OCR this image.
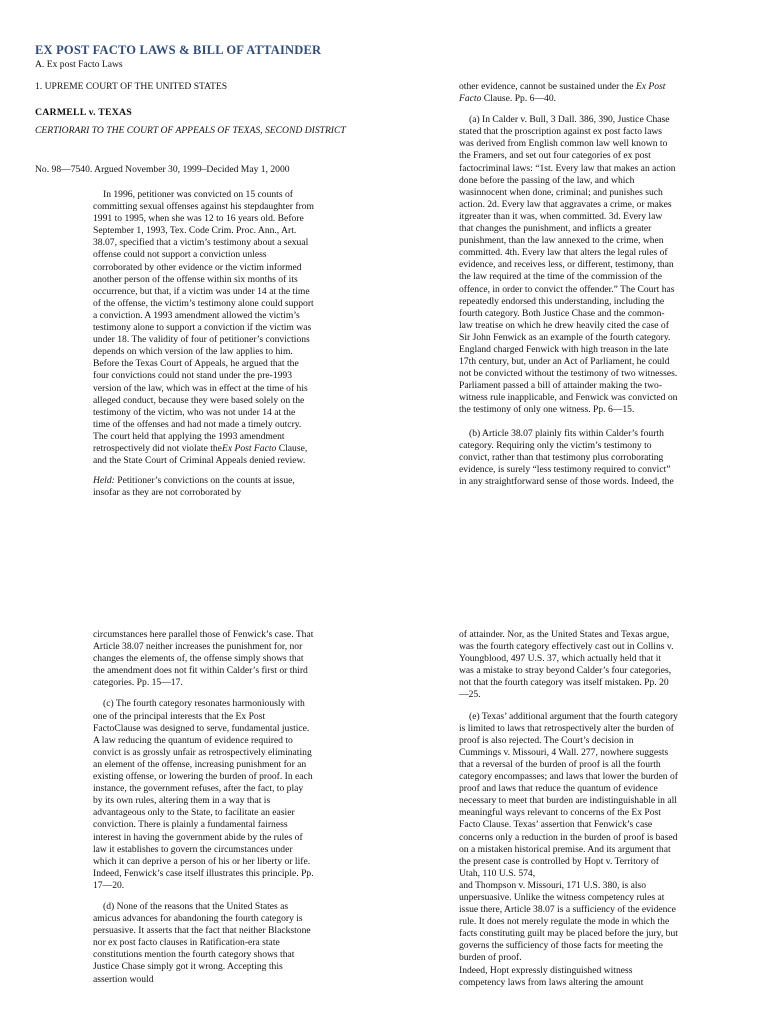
EX POST FACTO LAWS & BILL OF ATTAINDER
A. Ex post Facto Laws
1. UPREME COURT OF THE UNITED STATES
CARMELL v. TEXAS
CERTIORARI TO THE COURT OF APPEALS OF TEXAS, SECOND DISTRICT
No. 98—7540. Argued November 30, 1999–Decided May 1, 2000

In 1996, petitioner was convicted on 15 counts of committing sexual offenses against his stepdaughter from 1991 to 1995, when she was 12 to 16 years old. Before September 1, 1993, Tex. Code Crim. Proc. Ann., Art. 38.07, specified that a victim’s testimony about a sexual offense could not support a conviction unless corroborated by other evidence or the victim informed another person of the offense within six months of its occurrence, but that, if a victim was under 14 at the time of the offense, the victim’s testimony alone could support a conviction. A 1993 amendment allowed the victim’s testimony alone to support a conviction if the victim was under 18. The validity of four of petitioner’s convictions depends on which version of the law applies to him. Before the Texas Court of Appeals, he argued that the four convictions could not stand under the pre-1993 version of the law, which was in effect at the time of his alleged conduct, because they were based solely on the testimony of the victim, who was not under 14 at the time of the offenses and had not made a timely outcry. The court held that applying the 1993 amendment retrospectively did not violate theEx Post Facto Clause, and the State Court of Criminal Appeals denied review.

Held: Petitioner’s convictions on the counts at issue, insofar as they are not corroborated by

other evidence, cannot be sustained under the Ex Post Facto Clause. Pp. 6—40.

(a) In Calder v. Bull, 3 Dall. 386, 390, Justice Chase stated that the proscription against ex post facto laws was derived from English common law well known to the Framers, and set out four categories of ex post factocriminal laws: “1st. Every law that makes an action done before the passing of the law, and which wasinnocent when done, criminal; and punishes such action. 2d. Every law that aggravates a crime, or makes itgreater than it was, when committed. 3d. Every law that changes the punishment, and inflicts a greater punishment, than the law annexed to the crime, when committed. 4th. Every law that alters the legal rules of evidence, and receives less, or different, testimony, than the law required at the time of the commission of the offence, in order to convict the offender.” The Court has repeatedly endorsed this understanding, including the fourth category. Both Justice Chase and the common-law treatise on which he drew heavily cited the case of Sir John Fenwick as an example of the fourth category. England charged Fenwick with high treason in the late 17th century, but, under an Act of Parliament, he could not be convicted without the testimony of two witnesses. Parliament passed a bill of attainder making the two-witness rule inapplicable, and Fenwick was convicted on the testimony of only one witness. Pp. 6—15.

(b) Article 38.07 plainly fits within Calder’s fourth category. Requiring only the victim’s testimony to convict, rather than that testimony plus corroborating evidence, is surely “less testimony required to convict” in any straightforward sense of those words. Indeed, the

circumstances here parallel those of Fenwick’s case. That Article 38.07 neither increases the punishment for, nor changes the elements of, the offense simply shows that the amendment does not fit within Calder’s first or third categories. Pp. 15—17.

(c) The fourth category resonates harmoniously with one of the principal interests that the Ex Post FactoClause was designed to serve, fundamental justice. A law reducing the quantum of evidence required to convict is as grossly unfair as retrospectively eliminating an element of the offense, increasing punishment for an existing offense, or lowering the burden of proof. In each instance, the government refuses, after the fact, to play by its own rules, altering them in a way that is advantageous only to the State, to facilitate an easier conviction. There is plainly a fundamental fairness interest in having the government abide by the rules of law it establishes to govern the circumstances under which it can deprive a person of his or her liberty or life. Indeed, Fenwick’s case itself illustrates this principle. Pp. 17—20.

(d) None of the reasons that the United States as amicus advances for abandoning the fourth category is persuasive. It asserts that the fact that neither Blackstone nor ex post facto clauses in Ratification-era state constitutions mention the fourth category shows that Justice Chase simply got it wrong. Accepting this assertion would

of attainder. Nor, as the United States and Texas argue, was the fourth category effectively cast out in Collins v. Youngblood, 497 U.S. 37, which actually held that it was a mistake to stray beyond Calder’s four categories, not that the fourth category was itself mistaken. Pp. 20—25.

(e) Texas’ additional argument that the fourth category is limited to laws that retrospectively alter the burden of proof is also rejected. The Court’s decision in Cummings v. Missouri, 4 Wall. 277, nowhere suggests that a reversal of the burden of proof is all the fourth category encompasses; and laws that lower the burden of proof and laws that reduce the quantum of evidence necessary to meet that burden are indistinguishable in all meaningful ways relevant to concerns of the Ex Post Facto Clause. Texas’ assertion that Fenwick’s case concerns only a reduction in the burden of proof is based on a mistaken historical premise. And its argument that the present case is controlled by Hopt v. Territory of Utah, 110 U.S. 574,

and Thompson v. Missouri, 171 U.S. 380, is also unpersuasive. Unlike the witness competency rules at issue there, Article 38.07 is a sufficiency of the evidence rule. It does not merely regulate the mode in which the facts constituting guilt may be placed before the jury, but governs the sufficiency of those facts for meeting the burden of proof.

Indeed, Hopt expressly distinguished witness competency laws from laws altering the amount
